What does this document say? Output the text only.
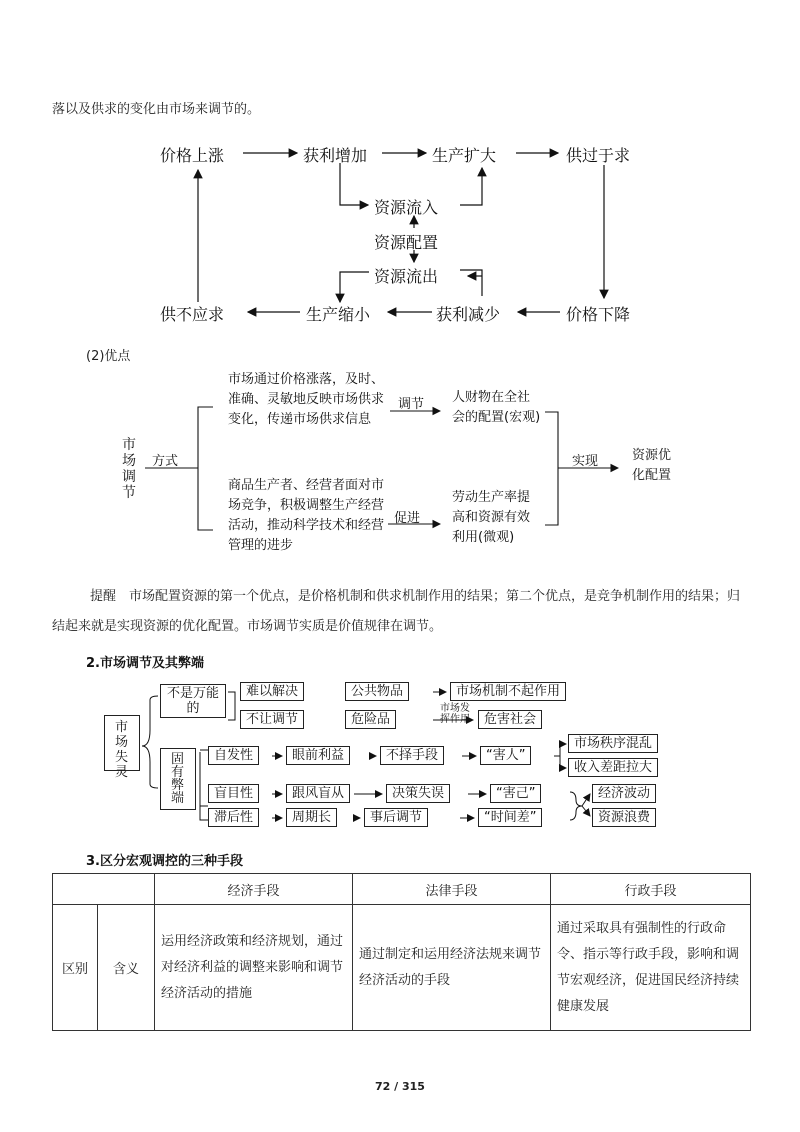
落以及供求的变化由市场来调节的。
价格上涨	获利增加	生产扩大	供过于求
资源流入
资源配置
资源流出
价格下降
获利减少
生产缩小
供不应求
(2)优点
市场调节
方式
市场通过价格涨落，及时、准确、灵敏地反映市场供求变化，传递市场供求信息
调节 人财物在全社会的配置(宏观)
商品生产者、经营者面对市场竞争，积极调整生产经营活动，推动科学技术和经营管理的进步
促进
劳动生产率提高和资源有效利用(微观)
实现	资源优化配置
提醒　市场配置资源的第一个优点，是价格机制和供求机制作用的结果；第二个优点，是竞争机制作用的结果；归结起来就是实现资源的优化配置。市场调节实质是价值规律在调节。
2.市场调节及其弊端
市场失灵
不是万能的
固有弊端
难以解决	公共物品	市场机制不起作用
不让调节	危险品
市场发挥作用	危害社会
自发性	眼前利益	不择手段	“害人”
市场秩序混乱
收入差距拉大
盲目性	跟风盲从	决策失误	“害己”
滞后性	周期长	事后调节	“时间差”
经济波动
资源浪费
3.区分宏观调控的三种手段
		经济手段	法律手段	行政手段
区别	含义	运用经济政策和经济规划，通过对经济利益的调整来影响和调节经济活动的措施	通过制定和运用经济法规来调节经济活动的手段	通过采取具有强制性的行政命令、指示等行政手段，影响和调节宏观经济，促进国民经济持续健康发展
72 / 315
